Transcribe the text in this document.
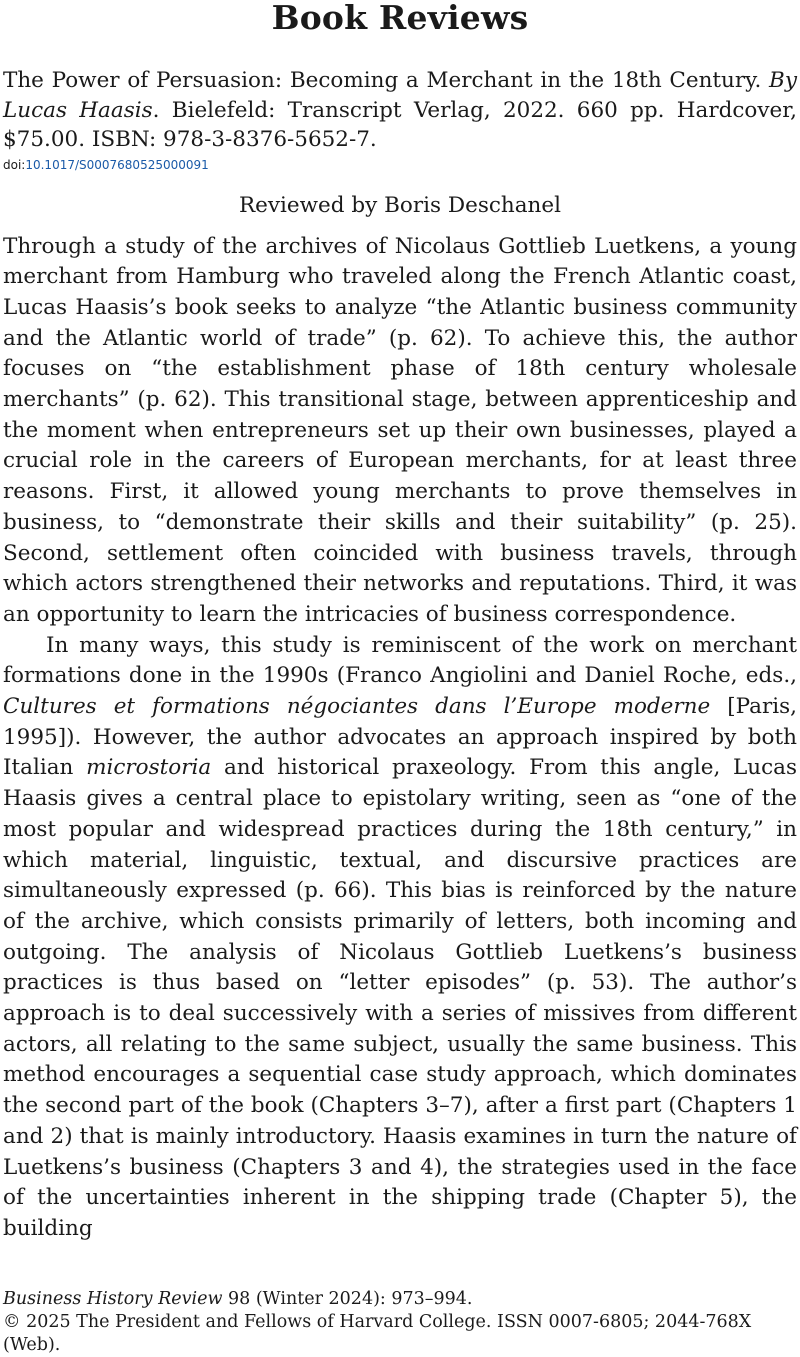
Book Reviews
The Power of Persuasion: Becoming a Merchant in the 18th Century. By Lucas Haasis. Bielefeld: Transcript Verlag, 2022. 660 pp. Hardcover, $75.00. ISBN: 978-3-8376-5652-7.
doi:10.1017/S0007680525000091
Reviewed by Boris Deschanel

Through a study of the archives of Nicolaus Gottlieb Luetkens, a young merchant from Hamburg who traveled along the French Atlantic coast, Lucas Haasis’s book seeks to analyze “the Atlantic business community and the Atlantic world of trade” (p. 62). To achieve this, the author focuses on “the establishment phase of 18th century wholesale merchants” (p. 62). This transitional stage, between apprenticeship and the moment when entrepreneurs set up their own businesses, played a crucial role in the careers of European merchants, for at least three reasons. First, it allowed young merchants to prove themselves in business, to “demonstrate their skills and their suitability” (p. 25). Second, settlement often coincided with business travels, through which actors strengthened their networks and reputations. Third, it was an opportunity to learn the intricacies of business correspondence.

In many ways, this study is reminiscent of the work on merchant formations done in the 1990s (Franco Angiolini and Daniel Roche, eds., Cultures et formations négociantes dans l’Europe moderne [Paris, 1995]). However, the author advocates an approach inspired by both Italian microstoria and historical praxeology. From this angle, Lucas Haasis gives a central place to epistolary writing, seen as “one of the most popular and widespread practices during the 18th century,” in which material, linguistic, textual, and discursive practices are simultaneously expressed (p. 66). This bias is reinforced by the nature of the archive, which consists primarily of letters, both incoming and outgoing. The analysis of Nicolaus Gottlieb Luetkens’s business practices is thus based on “letter episodes” (p. 53). The author’s approach is to deal successively with a series of missives from different actors, all relating to the same subject, usually the same business. This method encourages a sequential case study approach, which dominates the second part of the book (Chapters 3–7), after a first part (Chapters 1 and 2) that is mainly introductory. Haasis examines in turn the nature of Luetkens’s business (Chapters 3 and 4), the strategies used in the face of the uncertainties inherent in the shipping trade (Chapter 5), the building

Business History Review 98 (Winter 2024): 973–994.
© 2025 The President and Fellows of Harvard College. ISSN 0007-6805; 2044-768X (Web).
